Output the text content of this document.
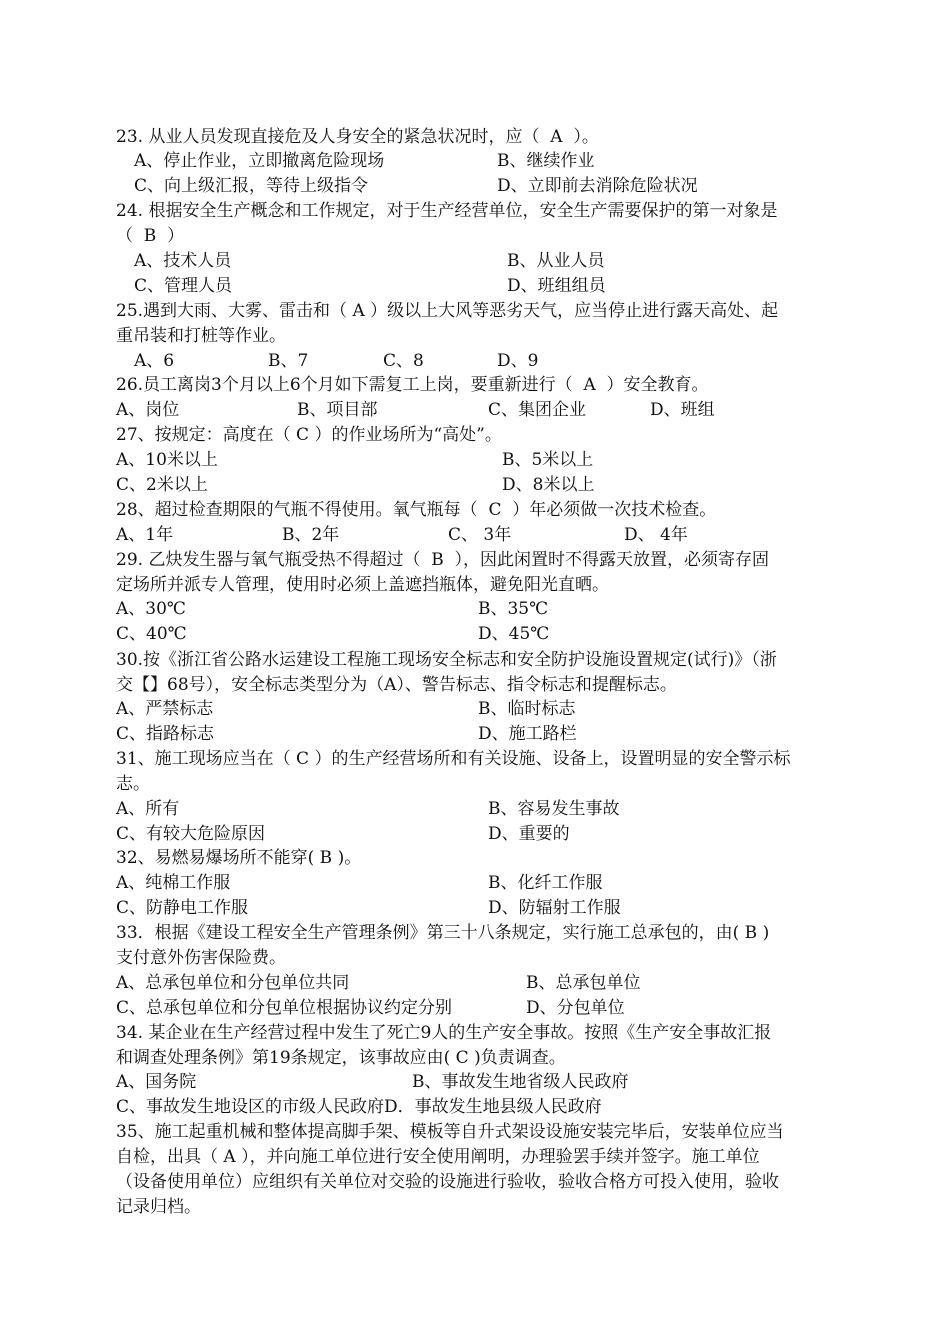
23. 从业人员发现直接危及人身安全的紧急状况时，应（  A  ）。
A、停止作业，立即撤离危险现场	B、继续作业
C、向上级汇报，等待上级指令	D、立即前去消除危险状况
24. 根据安全生产概念和工作规定，对于生产经营单位，安全生产需要保护的第一对象是
（  B  ）
A、技术人员	B、从业人员
C、管理人员	D、班组组员
25.遇到大雨、大雾、雷击和（ A ）级以上大风等恶劣天气，应当停止进行露天高处、起
重吊装和打桩等作业。
A、6	B、7	C、8	D、9
26.员工离岗3个月以上6个月如下需复工上岗，要重新进行（  A  ）安全教育。
A、岗位	B、项目部	C、集团企业	D、班组
27、按规定：高度在（ C ）的作业场所为“高处”。
A、10米以上	B、5米以上
C、2米以上	D、8米以上
28、超过检查期限的气瓶不得使用。氧气瓶每（  C  ）年必须做一次技术检查。
A、1年	B、2年	C、 3年	D、 4年
29. 乙炔发生器与氧气瓶受热不得超过（  B  ），因此闲置时不得露天放置，必须寄存固
定场所并派专人管理，使用时必须上盖遮挡瓶体，避免阳光直晒。
A、30℃	B、35℃
C、40℃	D、45℃
30.按《浙江省公路水运建设工程施工现场安全标志和安全防护设施设置规定(试行)》（浙
交【】68号），安全标志类型分为（A）、警告标志、指令标志和提醒标志。
A、严禁标志	B、临时标志
C、指路标志	D、施工路栏
31、施工现场应当在（ C ）的生产经营场所和有关设施、设备上，设置明显的安全警示标
志。
A、所有	B、容易发生事故
C、有较大危险原因	D、重要的
32、易燃易爆场所不能穿( B )。
A、纯棉工作服	B、化纤工作服
C、防静电工作服	D、防辐射工作服
33．根据《建设工程安全生产管理条例》第三十八条规定，实行施工总承包的，由( B )
支付意外伤害保险费。
A、总承包单位和分包单位共同	B、总承包单位
C、总承包单位和分包单位根据协议约定分别	D、分包单位
34. 某企业在生产经营过程中发生了死亡9人的生产安全事故。按照《生产安全事故汇报
和调查处理条例》第19条规定，该事故应由( C )负责调查。
A、国务院	B、事故发生地省级人民政府
C、事故发生地设区的市级人民政府D．事故发生地县级人民政府
35、施工起重机械和整体提高脚手架、模板等自升式架设设施安装完毕后，安装单位应当
自检，出具（ A ），并向施工单位进行安全使用阐明，办理验罢手续并签字。施工单位
（设备使用单位）应组织有关单位对交验的设施进行验收，验收合格方可投入使用，验收
记录归档。
